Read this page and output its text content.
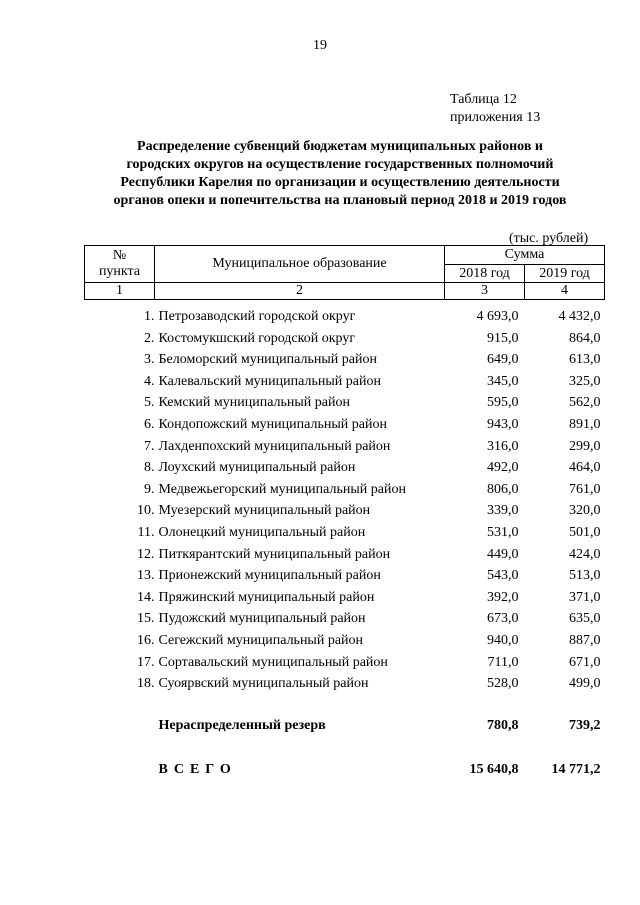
19
Таблица 12
приложения 13
Распределение субвенций бюджетам муниципальных районов и
городских округов на осуществление государственных полномочий
Республики Карелия по организации и осуществлению деятельности
органов опеки и попечительства на плановый период 2018 и 2019 годов
(тыс. рублей)
№
пункта	Муниципальное образование	Сумма	
		2018 год	2019 год
1	2	3	4
1.	Петрозаводский городской округ	4 693,0	4 432,0
2.	Костомукшский городской округ	915,0	864,0
3.	Беломорский муниципальный район	649,0	613,0
4.	Калевальский муниципальный район	345,0	325,0
5.	Кемский муниципальный район	595,0	562,0
6.	Кондопожский муниципальный район	943,0	891,0
7.	Лахденпохский муниципальный район	316,0	299,0
8.	Лоухский муниципальный район	492,0	464,0
9.	Медвежьегорский муниципальный район	806,0	761,0
10.	Муезерский муниципальный район	339,0	320,0
11.	Олонецкий муниципальный район	531,0	501,0
12.	Питкярантский муниципальный район	449,0	424,0
13.	Прионежский муниципальный район	543,0	513,0
14.	Пряжинский муниципальный район	392,0	371,0
15.	Пудожский муниципальный район	673,0	635,0
16.	Сегежский муниципальный район	940,0	887,0
17.	Сортавальский муниципальный район	711,0	671,0
18.	Суоярвский муниципальный район	528,0	499,0

	Нераспределенный резерв	780,8	739,2

	ВСЕГО	15 640,8	14 771,2
